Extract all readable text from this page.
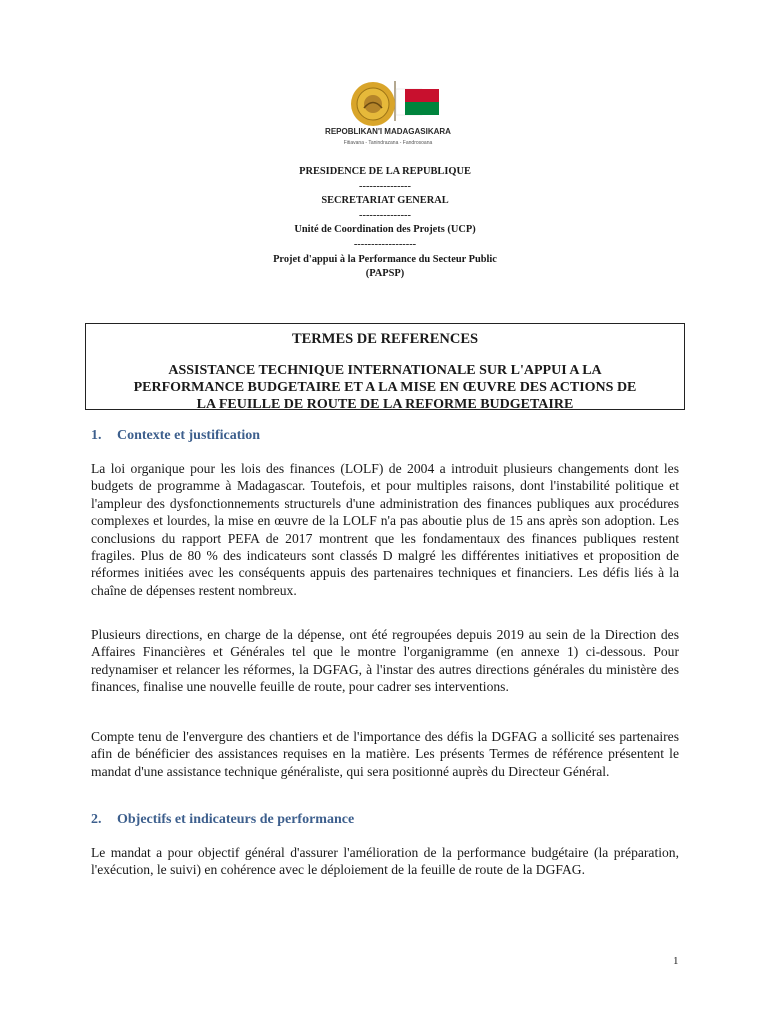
REPOBLIKAN'I MADAGASIKARA
Fitiavana - Tanindrazana - Fandrosoana
PRESIDENCE DE LA REPUBLIQUE
---------------
SECRETARIAT GENERAL
---------------
Unité de Coordination des Projets (UCP)
------------------
Projet d'appui à la Performance du Secteur Public
(PAPSP)
TERMES DE REFERENCES
ASSISTANCE TECHNIQUE INTERNATIONALE SUR L'APPUI A LA
PERFORMANCE BUDGETAIRE ET A LA MISE EN ŒUVRE DES ACTIONS DE
LA FEUILLE DE ROUTE DE LA REFORME BUDGETAIRE
1. Contexte et justification
La loi organique pour les lois des finances (LOLF) de 2004 a introduit plusieurs changements dont les budgets de programme à Madagascar. Toutefois, et pour multiples raisons, dont l'instabilité politique et l'ampleur des dysfonctionnements structurels d'une administration des finances publiques aux procédures complexes et lourdes, la mise en œuvre de la LOLF n'a pas aboutie plus de 15 ans après son adoption. Les conclusions du rapport PEFA de 2017 montrent que les fondamentaux des finances publiques restent fragiles. Plus de 80 % des indicateurs sont classés D malgré les différentes initiatives et proposition de réformes initiées avec les conséquents appuis des partenaires techniques et financiers. Les défis liés à la chaîne de dépenses restent nombreux.
Plusieurs directions, en charge de la dépense, ont été regroupées depuis 2019 au sein de la Direction des Affaires Financières et Générales tel que le montre l'organigramme (en annexe 1) ci-dessous. Pour redynamiser et relancer les réformes, la DGFAG, à l'instar des autres directions générales du ministère des finances, finalise une nouvelle feuille de route, pour cadrer ses interventions.
Compte tenu de l'envergure des chantiers et de l'importance des défis la DGFAG a sollicité ses partenaires afin de bénéficier des assistances requises en la matière. Les présents Termes de référence présentent le mandat d'une assistance technique généraliste, qui sera positionné auprès du Directeur Général.
2. Objectifs et indicateurs de performance
Le mandat a pour objectif général d'assurer l'amélioration de la performance budgétaire (la préparation, l'exécution, le suivi) en cohérence avec le déploiement de la feuille de route de la DGFAG.
1
